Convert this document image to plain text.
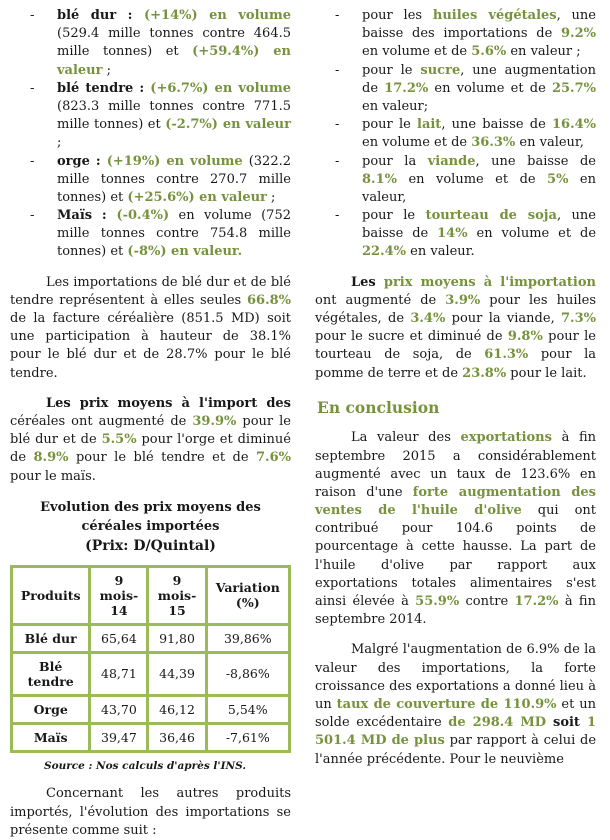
- blé dur : (+14%) en volume (529.4 mille tonnes contre 464.5 mille tonnes) et (+59.4%) en valeur ;
- blé tendre : (+6.7%) en volume (823.3 mille tonnes contre 771.5 mille tonnes) et (-2.7%) en valeur ;
- orge : (+19%) en volume (322.2 mille tonnes contre 270.7 mille tonnes) et (+25.6%) en valeur ;
- Maïs : (-0.4%) en volume (752 mille tonnes contre 754.8 mille tonnes) et (-8%) en valeur.

Les importations de blé dur et de blé tendre représentent à elles seules 66.8% de la facture céréalière (851.5 MD) soit une participation à hauteur de 38.1% pour le blé dur et de 28.7% pour le blé tendre.

Les prix moyens à l'import des céréales ont augmenté de 39.9% pour le blé dur et de 5.5% pour l'orge et diminué de 8.9% pour le blé tendre et de 7.6% pour le maïs.

Evolution des prix moyens des
céréales importées
(Prix: D/Quintal)
Produits	9 mois-14	9 mois-15	Variation (%)
Blé dur	65,64	91,80	39,86%
Blé tendre	48,71	44,39	-8,86%
Orge	43,70	46,12	5,54%
Maïs	39,47	36,46	-7,61%
Source : Nos calculs d'après l'INS.

Concernant les autres produits importés, l'évolution des importations se présente comme suit :

- pour les huiles végétales, une baisse des importations de 9.2% en volume et de 5.6% en valeur ;
- pour le sucre, une augmentation de 17.2% en volume et de 25.7% en valeur;
- pour le lait, une baisse de 16.4% en volume et de 36.3% en valeur,
- pour la viande, une baisse de 8.1% en volume et de 5% en valeur,
- pour le tourteau de soja, une baisse de 14% en volume et de 22.4% en valeur.

Les prix moyens à l'importation ont augmenté de 3.9% pour les huiles végétales, de 3.4% pour la viande, 7.3% pour le sucre et diminué de 9.8% pour le tourteau de soja, de 61.3% pour la pomme de terre et de 23.8% pour le lait.

En conclusion

La valeur des exportations à fin septembre 2015 a considérablement augmenté avec un taux de 123.6% en raison d'une forte augmentation des ventes de l'huile d'olive qui ont contribué pour 104.6 points de pourcentage à cette hausse. La part de l'huile d'olive par rapport aux exportations totales alimentaires s'est ainsi élevée à 55.9% contre 17.2% à fin septembre 2014.

Malgré l'augmentation de 6.9% de la valeur des importations, la forte croissance des exportations a donné lieu à un taux de couverture de 110.9% et un solde excédentaire de 298.4 MD soit 1 501.4 MD de plus par rapport à celui de l'année précédente. Pour le neuvième
